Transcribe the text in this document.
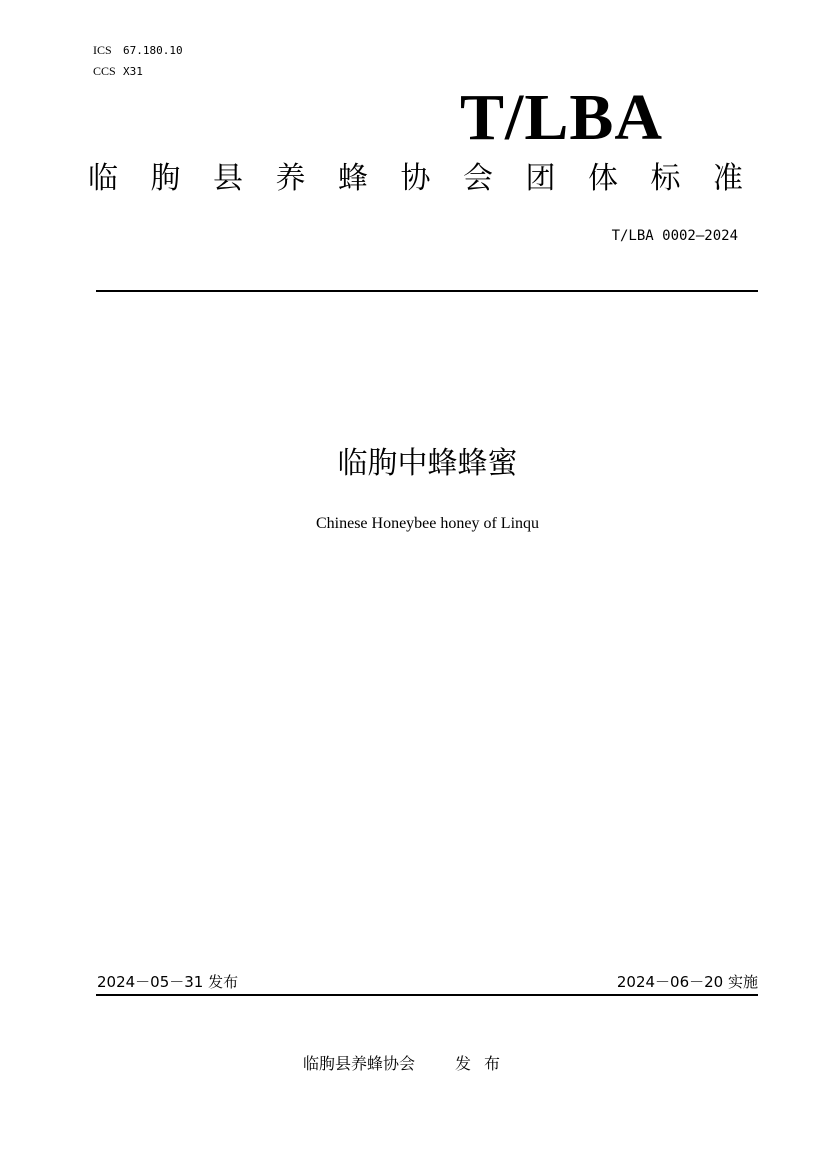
ICS 67.180.10
CCS X31
T/LBA
临 朐 县 养 蜂 协 会 团 体 标 准
T/LBA 0002—2024
临朐中蜂蜂蜜
Chinese Honeybee honey of Linqu
2024－05－31 发布	2024－06－20 实施
临朐县养蜂协会	发布
